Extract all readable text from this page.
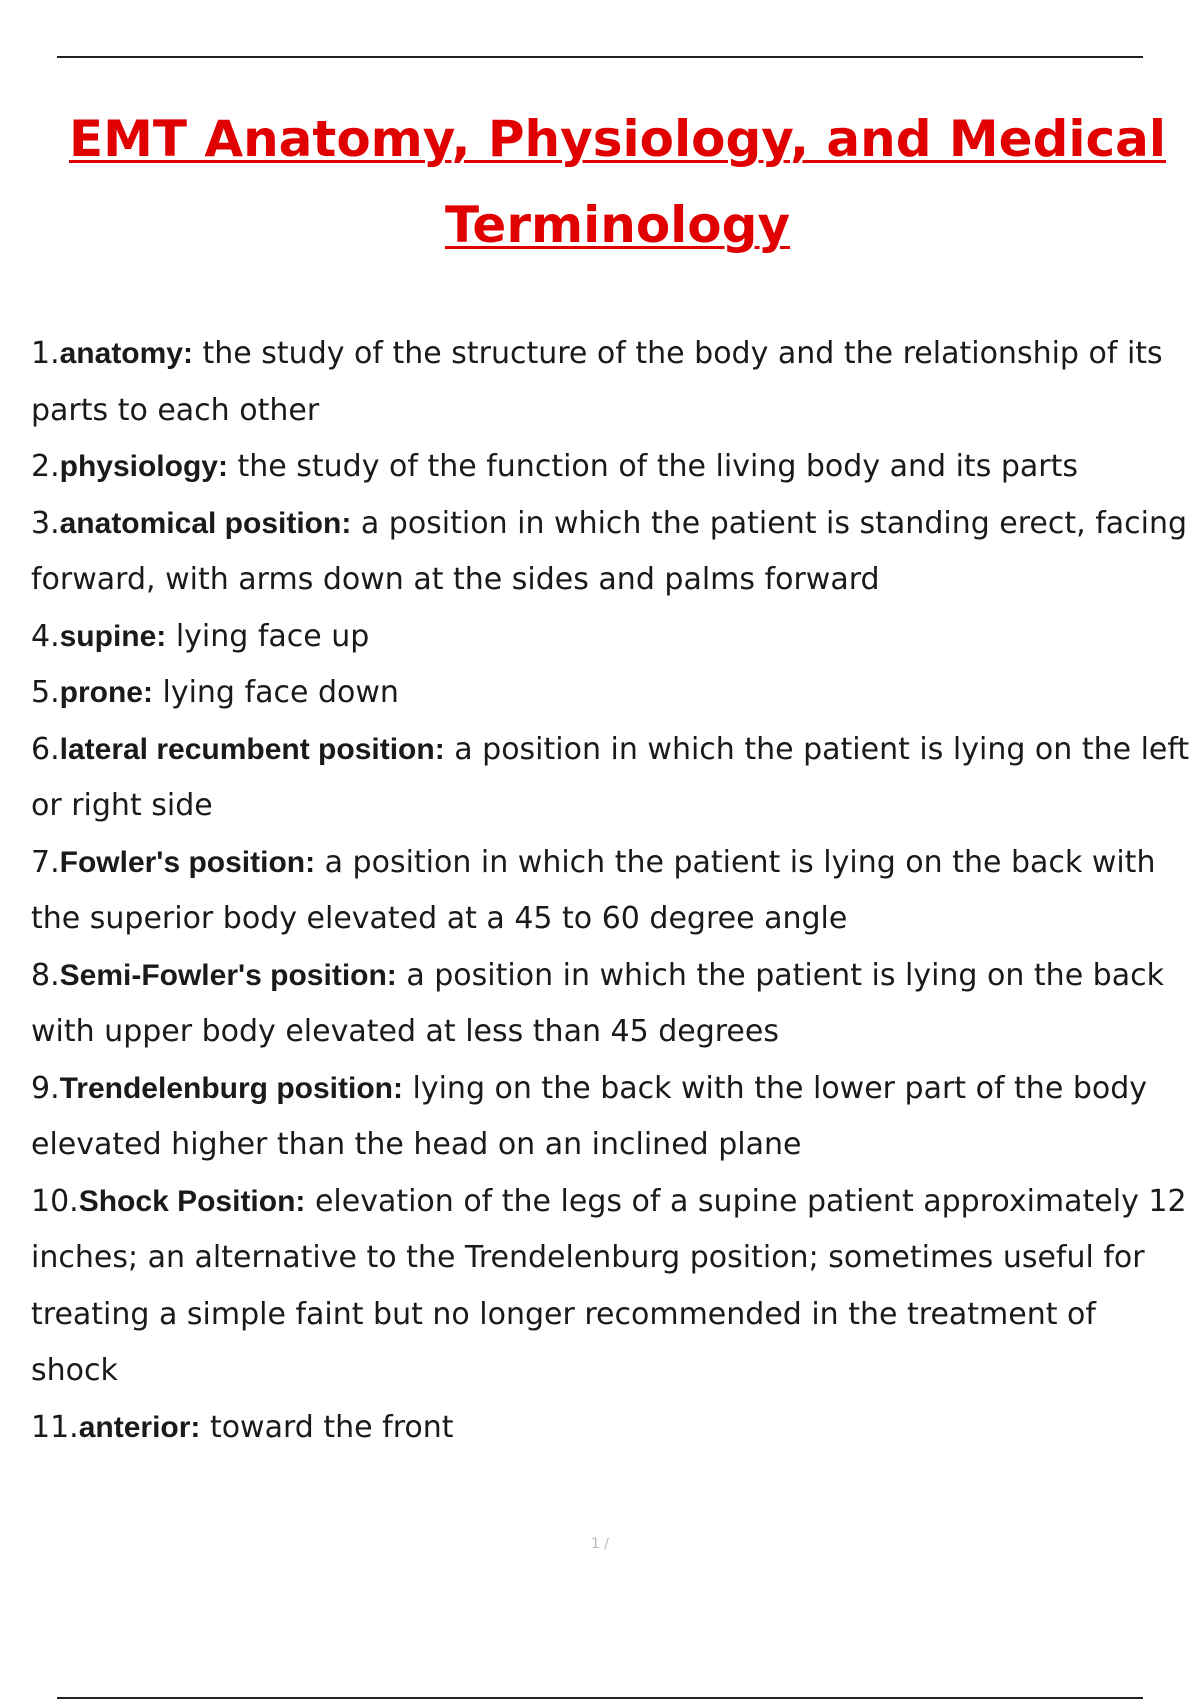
EMT Anatomy, Physiology, and Medical Terminology
1.anatomy: the study of the structure of the body and the relationship of its parts to each other
2.physiology: the study of the function of the living body and its parts
3.anatomical position: a position in which the patient is standing erect, facing forward, with arms down at the sides and palms forward
4.supine: lying face up
5.prone: lying face down
6.lateral recumbent position: a position in which the patient is lying on the left or right side
7.Fowler's position: a position in which the patient is lying on the back with the superior body elevated at a 45 to 60 degree angle
8.Semi-Fowler's position: a position in which the patient is lying on the back with upper body elevated at less than 45 degrees
9.Trendelenburg position: lying on the back with the lower part of the body elevated higher than the head on an inclined plane
10.Shock Position: elevation of the legs of a supine patient approximately 12 inches; an alternative to the Trendelenburg position; sometimes useful for treating a simple faint but no longer recommended in the treatment of shock
11.anterior: toward the front
1 /
